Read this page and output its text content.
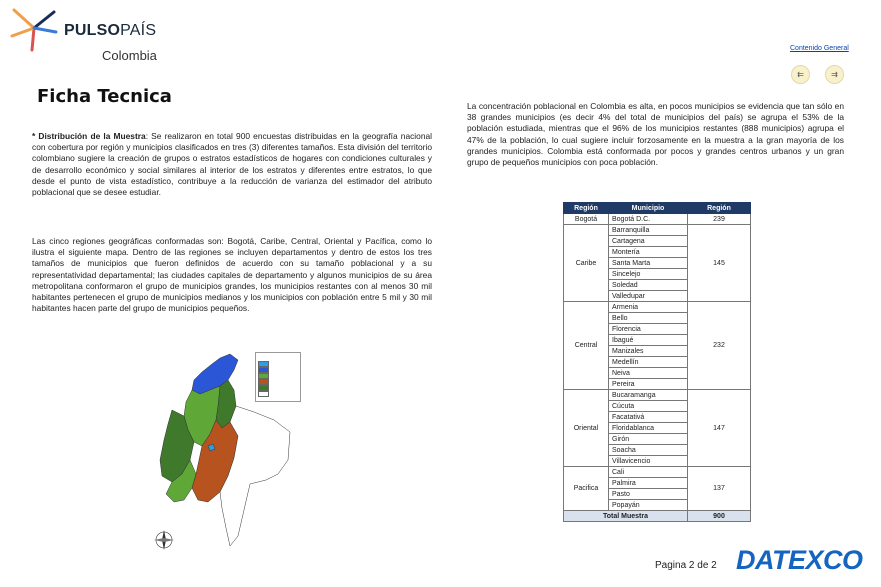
PULSOPAÍS
Colombia	Contenido General
⇇	⇉
Ficha Tecnica

* Distribución de la Muestra: Se realizaron en total 900 encuestas distribuidas en la geografía nacional con cobertura por región y municipios clasificados en tres (3) diferentes tamaños. Esta división del territorio colombiano sugiere la creación de grupos o estratos estadísticos de hogares con condiciones culturales y de desarrollo económico y social similares al interior de los estratos y diferentes entre estratos, lo que desde el punto de vista estadístico, contribuye a la reducción de varianza del estimador del atributo poblacional que se desee estudiar.

Las cinco regiones geográficas conformadas son: Bogotá, Caribe, Central, Oriental y Pacífica, como lo ilustra el siguiente mapa. Dentro de las regiones se incluyen departamentos y dentro de estos los tres tamaños de municipios que fueron definidos de acuerdo con su tamaño poblacional y a su representatividad departamental; las ciudades capitales de departamento y algunos municipios de su área metropolitana conformaron el grupo de municipios grandes, los municipios restantes con al menos 30 mil habitantes pertenecen el grupo de municipios medianos y los municipios con población entre 5 mil y 30 mil habitantes hacen parte del grupo de municipios pequeños.

La concentración poblacional en Colombia es alta, en pocos municipios se evidencia que tan sólo en 38 grandes municipios (es decir 4% del total de municipios del país) se agrupa el 53% de la población estudiada, mientras que el 96% de los municipios restantes (888 municipios) agrupa el 47% de la población, lo cual sugiere incluir forzosamente en la muestra a la gran mayoría de los grandes municipios. Colombia está conformada por pocos y grandes centros urbanos y un gran grupo de pequeños municipios con poca población.

Región	Municipio	Región
Bogotá	Bogotá D.C.	239
Caribe	Barranquilla	145
	Cartagena	
	Montería	
	Santa Marta	
	Sincelejo	
	Soledad	
	Valledupar	
Central	Armenia	232
	Bello	
	Florencia	
	Ibagué	
	Manizales	
	Medellín	
	Neiva	
	Pereira	
Oriental	Bucaramanga	147
	Cúcuta	
	Facatativá	
	Floridablanca	
	Girón	
	Soacha	
	Villavicencio	
Pacifica	Cali	137
	Palmira	
	Pasto	
	Popayán	
Total Muestra		900
Pagina 2 de 2 DATEXCO
